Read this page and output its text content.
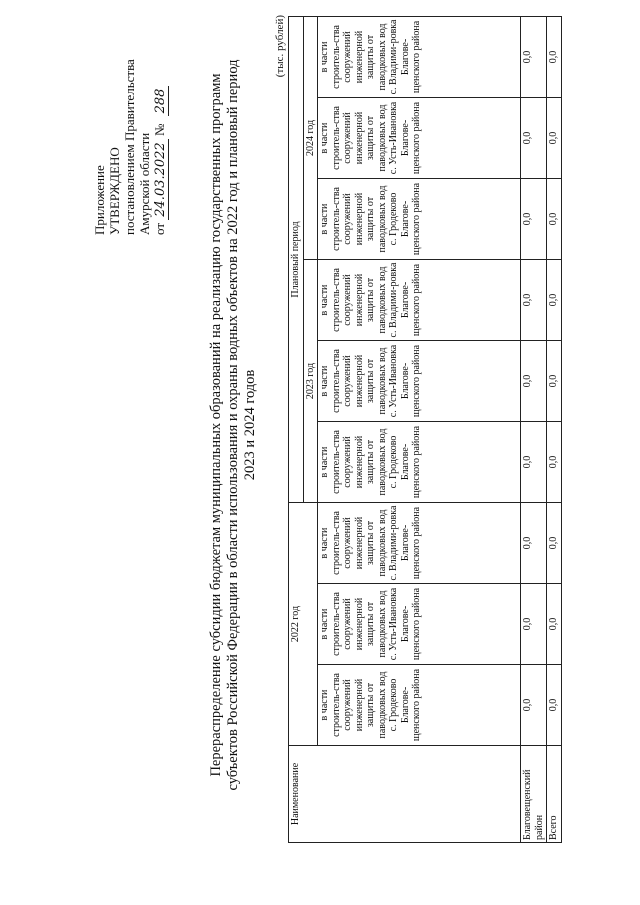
Приложение УТВЕРЖДЕНО постановлением Правительства Амурской области от 24.03.2022 № 288	Перераспределение субсидии бюджетам муниципальных образований на реализацию государственных программ субъектов Российской Федерации в области использования и охраны водных объектов на 2022 год и плановый период 2023 и 2024 годов
(тыс. рублей)
Наименование	2022 год			Плановый период					
				2023 год			2024 год		
	в части строитель-ства сооружений инженерной защиты от паводковых вод с. Гродеково Благове-щенского района	в части строитель-ства сооружений инженерной защиты от паводковых вод с. Усть-Ивановка Благове-щенского района	в части строитель-ства сооружений инженерной защиты от паводковых вод с. Владими-ровка Благове-щенского района	в части строитель-ства сооружений инженерной защиты от паводковых вод с. Гродеково Благове-щенского района	в части строитель-ства сооружений инженерной защиты от паводковых вод с. Усть-Ивановка Благове-щенского района	в части строитель-ства сооружений инженерной защиты от паводковых вод с. Владими-ровка Благове-щенского района	в части строитель-ства сооружений инженерной защиты от паводковых вод с. Гродеково Благове-щенского района	в части строитель-ства сооружений инженерной защиты от паводковых вод с. Усть-Ивановка Благове-щенского района	в части строитель-ства сооружений инженерной защиты от паводковых вод с. Владими-ровка Благове-щенского района
Благовещенский район	0,0	0,0	0,0	0,0	0,0	0,0	0,0	0,0	0,0
Всего	0,0	0,0	0,0	0,0	0,0	0,0	0,0	0,0	0,0
